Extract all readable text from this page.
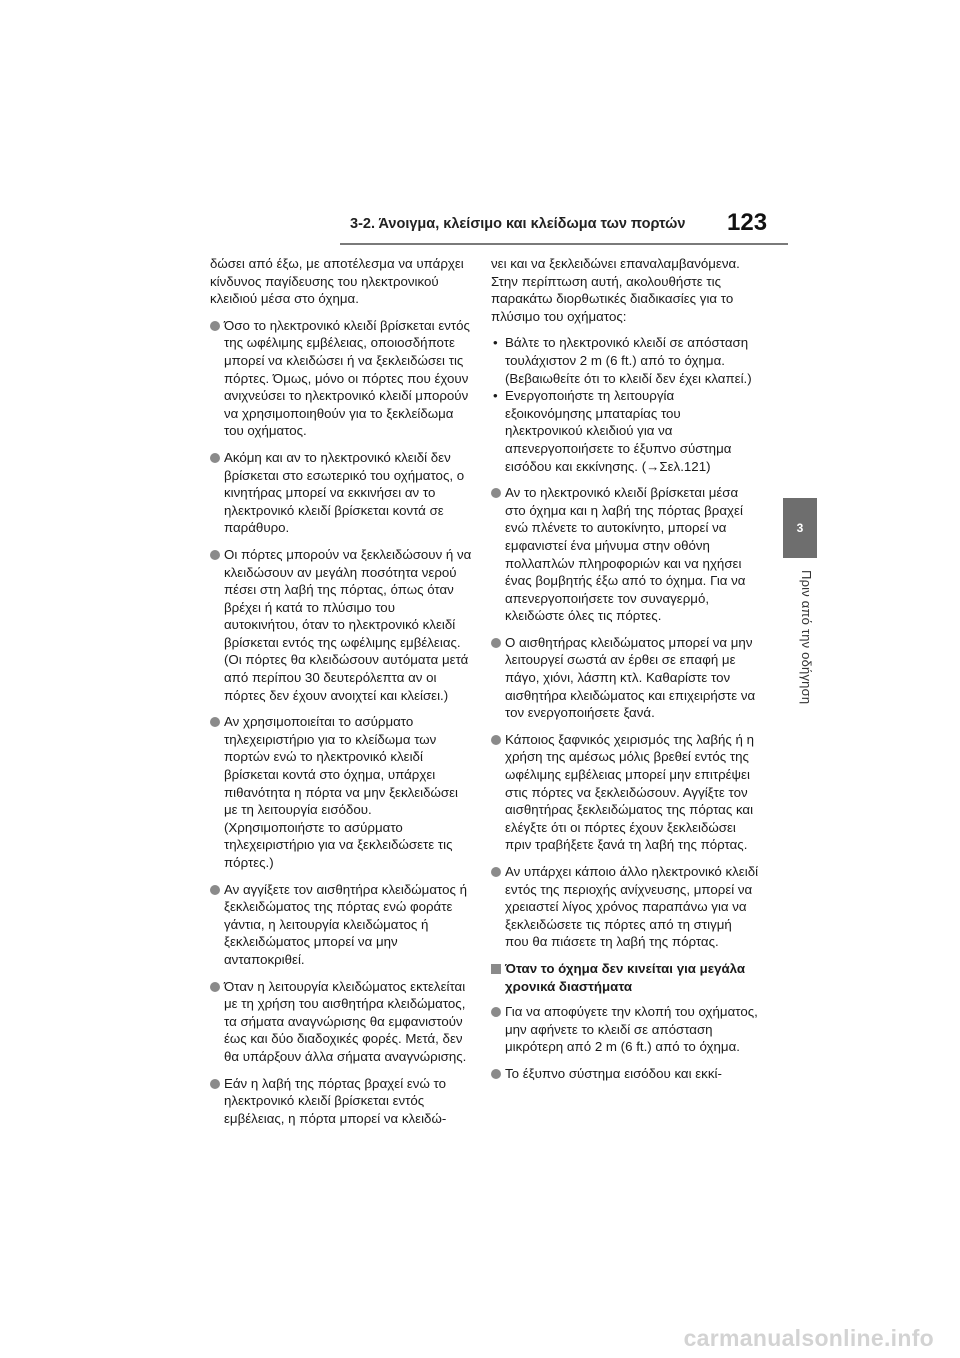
3-2. Άνοιγμα, κλείσιμο και κλείδωμα των πορτών 123
3
Πριν από την οδήγηση

δώσει από έξω, με αποτέλεσμα να υπάρχει κίνδυνος παγίδευσης του ηλεκτρονικού κλειδιού μέσα στο όχημα.

Όσο το ηλεκτρονικό κλειδί βρίσκεται εντός της ωφέλιμης εμβέλειας, οποιοσδήποτε μπορεί να κλειδώσει ή να ξεκλειδώσει τις πόρτες. Όμως, μόνο οι πόρτες που έχουν ανιχνεύσει το ηλεκτρονικό κλειδί μπορούν να χρησιμοποιηθούν για το ξεκλείδωμα του οχήματος.
Ακόμη και αν το ηλεκτρονικό κλειδί δεν βρίσκεται στο εσωτερικό του οχήματος, ο κινητήρας μπορεί να εκκινήσει αν το ηλεκτρονικό κλειδί βρίσκεται κοντά σε παράθυρο.
Οι πόρτες μπορούν να ξεκλειδώσουν ή να κλειδώσουν αν μεγάλη ποσότητα νερού πέσει στη λαβή της πόρτας, όπως όταν βρέχει ή κατά το πλύσιμο του αυτοκινήτου, όταν το ηλεκτρονικό κλειδί βρίσκεται εντός της ωφέλιμης εμβέλειας. (Οι πόρτες θα κλειδώσουν αυτόματα μετά από περίπου 30 δευτερόλεπτα αν οι πόρτες δεν έχουν ανοιχτεί και κλείσει.)
Αν χρησιμοποιείται το ασύρματο τηλεχειριστήριο για το κλείδωμα των πορτών ενώ το ηλεκτρονικό κλειδί βρίσκεται κοντά στο όχημα, υπάρχει πιθανότητα η πόρτα να μην ξεκλειδώσει με τη λειτουργία εισόδου. (Χρησιμοποιήστε το ασύρματο τηλεχειριστήριο για να ξεκλειδώσετε τις πόρτες.)
Αν αγγίξετε τον αισθητήρα κλειδώματος ή ξεκλειδώματος της πόρτας ενώ φοράτε γάντια, η λειτουργία κλειδώματος ή ξεκλειδώματος μπορεί να μην ανταποκριθεί.
Όταν η λειτουργία κλειδώματος εκτελείται με τη χρήση του αισθητήρα κλειδώματος, τα σήματα αναγνώρισης θα εμφανιστούν έως και δύο διαδοχικές φορές. Μετά, δεν θα υπάρξουν άλλα σήματα αναγνώρισης.
Εάν η λαβή της πόρτας βραχεί ενώ το ηλεκτρονικό κλειδί βρίσκεται εντός εμβέλειας, η πόρτα μπορεί να κλειδώ-

νει και να ξεκλειδώνει επαναλαμβανόμενα. Στην περίπτωση αυτή, ακολουθήστε τις παρακάτω διορθωτικές διαδικασίες για το πλύσιμο του οχήματος:

• Βάλτε το ηλεκτρονικό κλειδί σε απόσταση τουλάχιστον 2 m (6 ft.) από το όχημα. (Βεβαιωθείτε ότι το κλειδί δεν έχει κλαπεί.)
• Ενεργοποιήστε τη λειτουργία εξοικονόμησης μπαταρίας του ηλεκτρονικού κλειδιού για να απενεργοποιήσετε το έξυπνο σύστημα εισόδου και εκκίνησης. (→Σελ.121)
Αν το ηλεκτρονικό κλειδί βρίσκεται μέσα στο όχημα και η λαβή της πόρτας βραχεί ενώ πλένετε το αυτοκίνητο, μπορεί να εμφανιστεί ένα μήνυμα στην οθόνη πολλαπλών πληροφοριών και να ηχήσει ένας βομβητής έξω από το όχημα. Για να απενεργοποιήσετε τον συναγερμό, κλειδώστε όλες τις πόρτες.
Ο αισθητήρας κλειδώματος μπορεί να μην λειτουργεί σωστά αν έρθει σε επαφή με πάγο, χιόνι, λάσπη κτλ. Καθαρίστε τον αισθητήρα κλειδώματος και επιχειρήστε να τον ενεργοποιήσετε ξανά.
Κάποιος ξαφνικός χειρισμός της λαβής ή η χρήση της αμέσως μόλις βρεθεί εντός της ωφέλιμης εμβέλειας μπορεί μην επιτρέψει στις πόρτες να ξεκλειδώσουν. Αγγίξτε τον αισθητήρας ξεκλειδώματος της πόρτας και ελέγξτε ότι οι πόρτες έχουν ξεκλειδώσει πριν τραβήξετε ξανά τη λαβή της πόρτας.
Αν υπάρχει κάποιο άλλο ηλεκτρονικό κλειδί εντός της περιοχής ανίχνευσης, μπορεί να χρειαστεί λίγος χρόνος παραπάνω για να ξεκλειδώσετε τις πόρτες από τη στιγμή που θα πιάσετε τη λαβή της πόρτας.
Όταν το όχημα δεν κινείται για μεγάλα χρονικά διαστήματα
Για να αποφύγετε την κλοπή του οχήματος, μην αφήνετε το κλειδί σε απόσταση μικρότερη από 2 m (6 ft.) από το όχημα.
Το έξυπνο σύστημα εισόδου και εκκί-
carmanualsonline.info
